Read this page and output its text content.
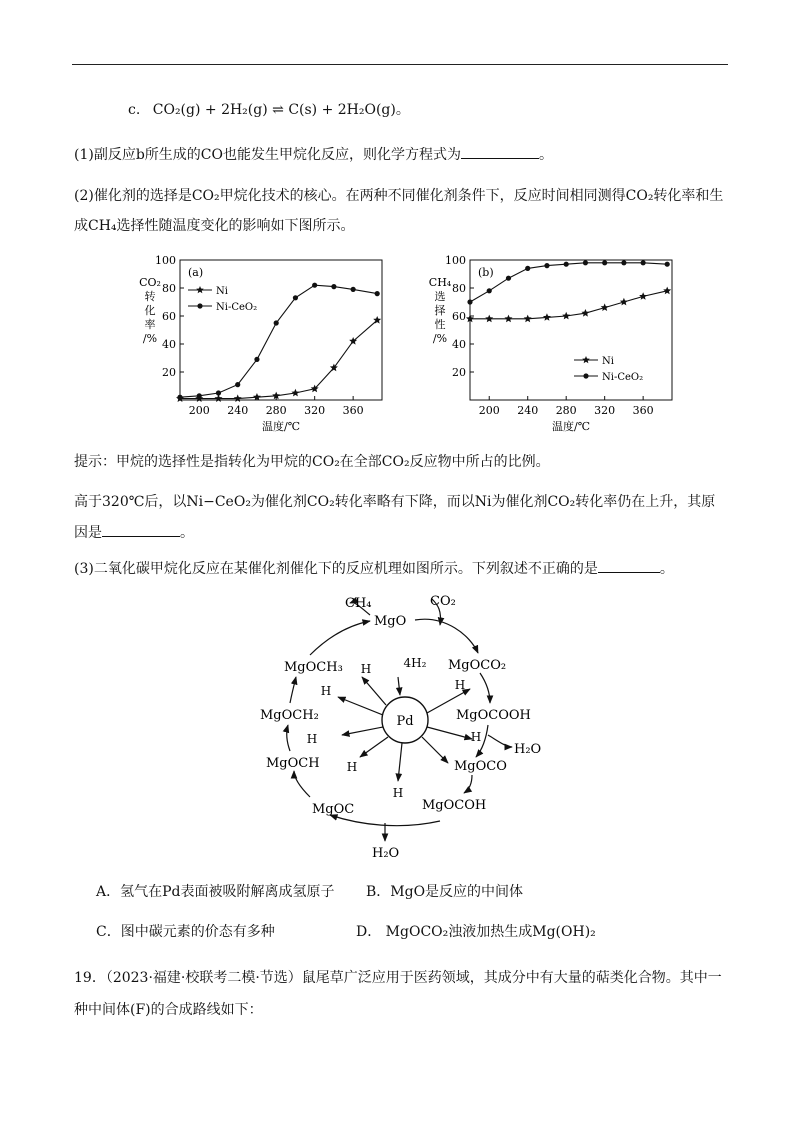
c. CO₂(g) + 2H₂(g) ⇌ C(s) + 2H₂O(g)。
(1)副反应b所生成的CO也能发生甲烷化反应，则化学方程式为	。
(2)催化剂的选择是CO₂甲烷化技术的核心。在两种不同催化剂条件下，反应时间相同测得CO₂转化率和生
成CH₄选择性随温度变化的影响如下图所示。
CO₂
转
化
率
/%
20
40
60
80
100
200 240 280 320 360
温度/℃
(a)
Ni
Ni-CeO₂
CH₄
选
择
性
/%
20
40
60
80
100
200 240 280 320 360
温度/℃
(b)
Ni
Ni-CeO₂
提示：甲烷的选择性是指转化为甲烷的CO₂在全部CO₂反应物中所占的比例。
高于320℃后，以Ni−CeO₂为催化剂CO₂转化率略有下降，而以Ni为催化剂CO₂转化率仍在上升，其原
因是	。
(3)二氧化碳甲烷化反应在某催化剂催化下的反应机理如图所示。下列叙述不正确的是	。
Pd
4H₂
H
H
H
H
H
H
H
MgO
MgOCO₂
MgOCOOH
MgOCO
MgOCOH
MgOC
MgOCH
MgOCH₂
MgOCH₃
CO₂
CH₄
H₂O
H₂O
A．氢气在Pd表面被吸附解离成氢原子 B．MgO是反应的中间体
C．图中碳元素的价态有多种	D． MgOCO₂浊液加热生成Mg(OH)₂
19．（2023·福建·校联考二模·节选）鼠尾草广泛应用于医药领域，其成分中有大量的萜类化合物。其中一
种中间体(F)的合成路线如下：
